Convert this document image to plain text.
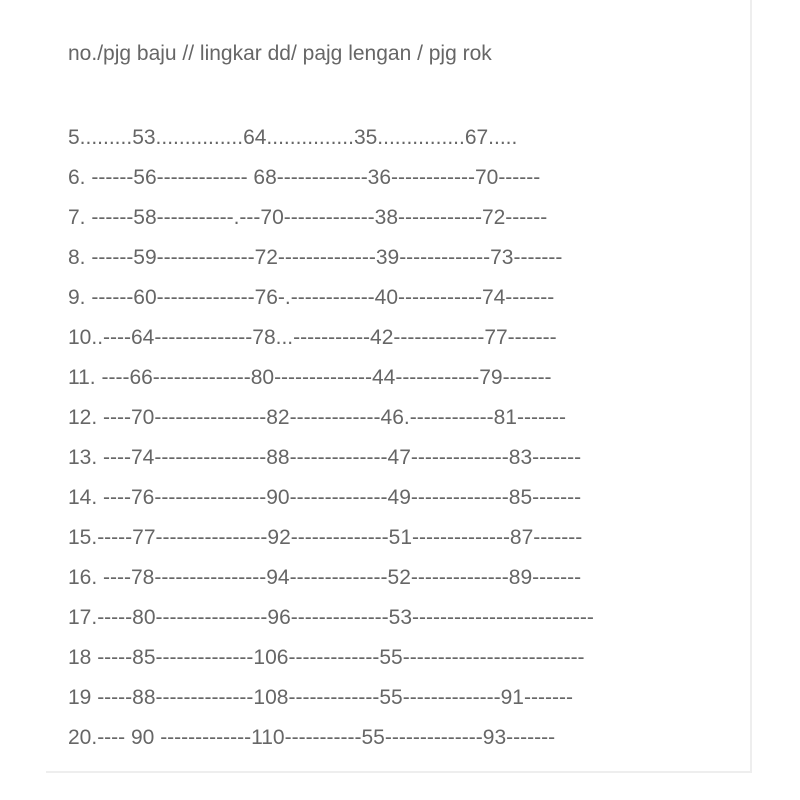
no./pjg baju // lingkar dd/ pajg lengan / pjg rok
5.........53...............64...............35...............67.....
6. ------56------------- 68-------------36------------70------
7. ------58-----------.---70-------------38------------72------
8. ------59--------------72--------------39-------------73-------
9. ------60--------------76-.------------40------------74-------
10..----64--------------78...-----------42-------------77-------
11. ----66--------------80--------------44------------79-------
12. ----70----------------82-------------46.------------81-------
13. ----74----------------88--------------47--------------83-------
14. ----76----------------90--------------49--------------85-------
15.-----77----------------92--------------51--------------87-------
16. ----78----------------94--------------52--------------89-------
17.-----80----------------96--------------53--------------------------
18 -----85--------------106-------------55--------------------------
19 -----88--------------108-------------55--------------91-------
20.---- 90 -------------110-----------55--------------93-------
